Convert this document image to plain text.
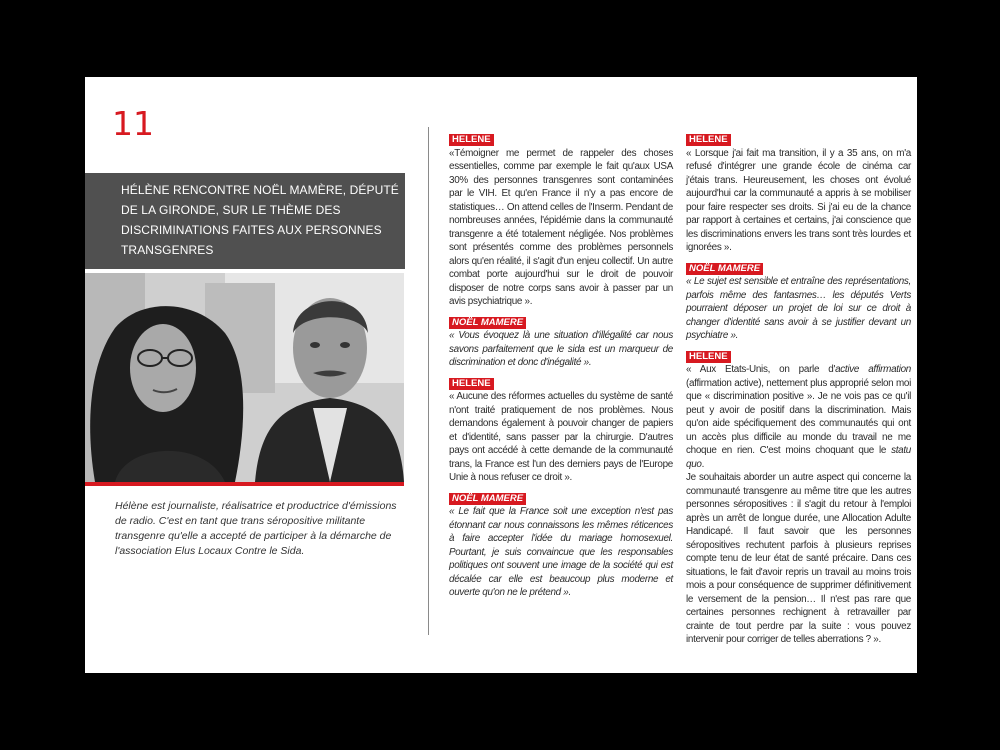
11
HÉLÈNE RENCONTRE NOËL MAMÈRE, DÉPUTÉ DE LA GIRONDE, SUR LE THÈME DES DISCRIMINATIONS FAITES AUX PERSONNES TRANSGENRES
Hélène est journaliste, réalisatrice et productrice d'émissions de radio. C'est en tant que trans séropositive militante transgenre qu'elle a accepté de participer à la démarche de l'association Elus Locaux Contre le Sida.
HELENE

«Témoigner me permet de rappeler des choses essentielles, comme par exemple le fait qu'aux USA 30% des personnes transgenres sont contaminées par le VIH. Et qu'en France il n'y a pas encore de statistiques… On attend celles de l'Inserm. Pendant de nombreuses années, l'épidémie dans la communauté transgenre a été totalement négligée. Nos problèmes sont présentés comme des problèmes personnels alors qu'en réalité, il s'agit d'un enjeu collectif. Un autre combat porte aujourd'hui sur le droit de pouvoir disposer de notre corps sans avoir à passer par un avis psychiatrique ».

NOËL MAMERE

« Vous évoquez là une situation d'illégalité car nous savons parfaitement que le sida est un marqueur de discrimination et donc d'inégalité ».

HELENE

« Aucune des réformes actuelles du système de santé n'ont traité pratiquement de nos problèmes. Nous demandons également à pouvoir changer de papiers et d'identité, sans passer par la chirurgie. D'autres pays ont accédé à cette demande de la communauté trans, la France est l'un des derniers pays de l'Europe Unie à nous refuser ce droit ».

NOËL MAMERE

« Le fait que la France soit une exception n'est pas étonnant car nous connaissons les mêmes réticences à faire accepter l'idée du mariage homosexuel. Pourtant, je suis convaincue que les responsables politiques ont souvent une image de la société qui est décalée car elle est beaucoup plus moderne et ouverte qu'on ne le prétend ».

HELENE

« Lorsque j'ai fait ma transition, il y a 35 ans, on m'a refusé d'intégrer une grande école de cinéma car j'étais trans. Heureusement, les choses ont évolué aujourd'hui car la communauté a appris à se mobiliser pour faire respecter ses droits. Si j'ai eu de la chance par rapport à certaines et certains, j'ai conscience que les discriminations envers les trans sont très lourdes et ignorées ».

NOËL MAMERE

« Le sujet est sensible et entraîne des représentations, parfois même des fantasmes… les députés Verts pourraient déposer un projet de loi sur ce droit à changer d'identité sans avoir à se justifier devant un psychiatre ».

HELENE

« Aux Etats-Unis, on parle d'active affirmation (affirmation active), nettement plus approprié selon moi que « discrimination positive ». Je ne vois pas ce qu'il peut y avoir de positif dans la discrimination. Mais qu'on aide spécifiquement des communautés qui ont un accès plus difficile au monde du travail ne me choque en rien. C'est moins choquant que le statu quo.

Je souhaitais aborder un autre aspect qui concerne la communauté transgenre au même titre que les autres personnes séropositives : il s'agit du retour à l'emploi après un arrêt de longue durée, une Allocation Adulte Handicapé. Il faut savoir que les personnes séropositives rechutent parfois à plusieurs reprises compte tenu de leur état de santé précaire. Dans ces situations, le fait d'avoir repris un travail au moins trois mois a pour conséquence de supprimer définitivement le versement de la pension… Il n'est pas rare que certaines personnes rechignent à retravailler par crainte de tout perdre par la suite : vous pouvez intervenir pour corriger de telles aberrations ? ».
